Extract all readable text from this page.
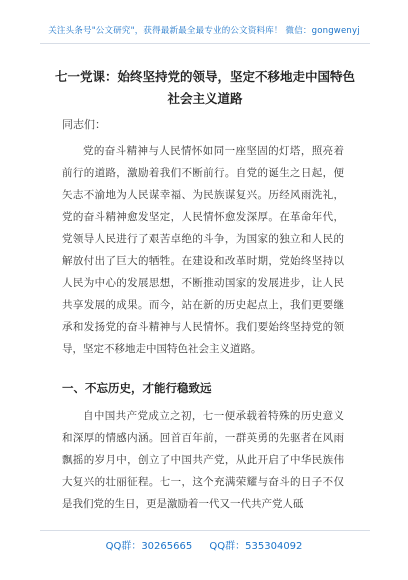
关注头条号"公文研究"，获得最新最全最专业的公文资料库！ 微信：gongwenyj
七一党课：始终坚持党的领导，坚定不移地走中国特色社会主义道路
同志们：

党的奋斗精神与人民情怀如同一座坚固的灯塔，照亮着前行的道路，激励着我们不断前行。自党的诞生之日起，便矢志不渝地为人民谋幸福、为民族谋复兴。历经风雨洗礼，党的奋斗精神愈发坚定，人民情怀愈发深厚。在革命年代，党领导人民进行了艰苦卓绝的斗争，为国家的独立和人民的解放付出了巨大的牺牲。在建设和改革时期，党始终坚持以人民为中心的发展思想，不断推动国家的发展进步，让人民共享发展的成果。而今，站在新的历史起点上，我们更要继承和发扬党的奋斗精神与人民情怀。我们要始终坚持党的领导，坚定不移地走中国特色社会主义道路。

一、不忘历史，才能行稳致远

自中国共产党成立之初，七一便承载着特殊的历史意义和深厚的情感内涵。回首百年前，一群英勇的先驱者在风雨飘摇的岁月中，创立了中国共产党，从此开启了中华民族伟大复兴的壮丽征程。七一，这个充满荣耀与奋斗的日子不仅是我们党的生日，更是激励着一代又一代共产党人砥

QQ群：30265665 QQ群：535304092
